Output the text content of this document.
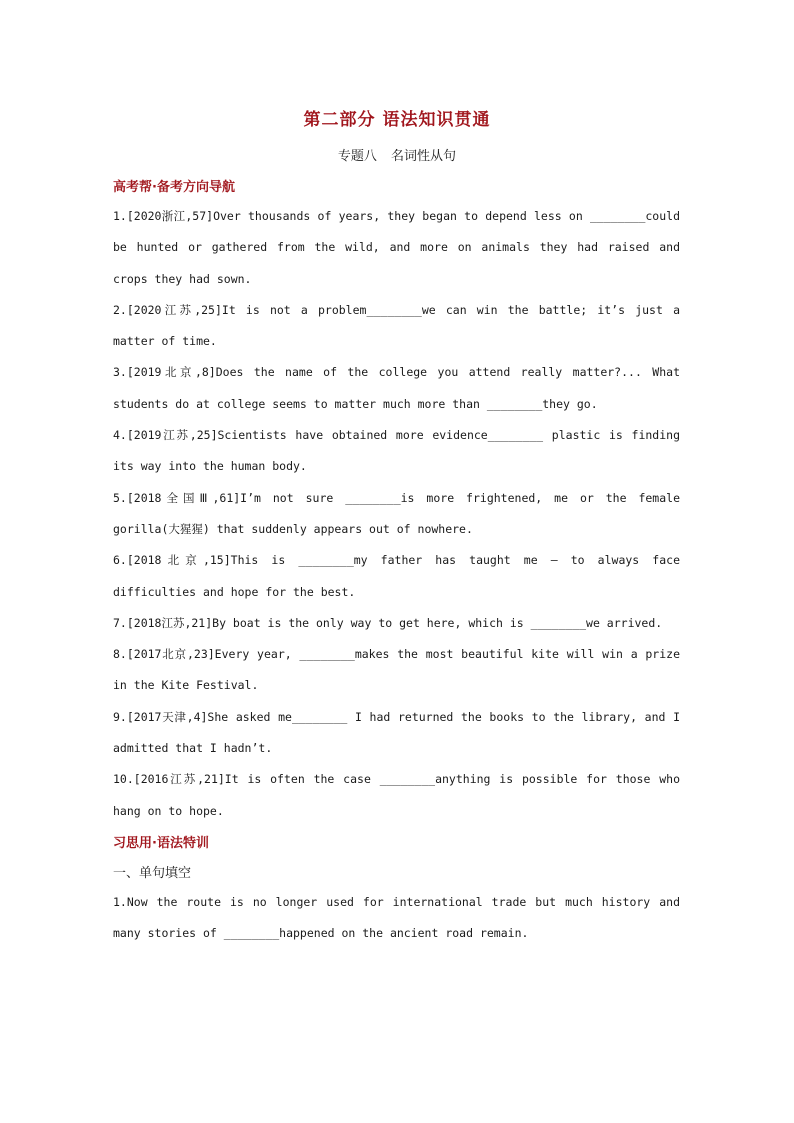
第二部分 语法知识贯通
专题八 名词性从句
高考帮·备考方向导航

1.[2020浙江,57]Over thousands of years, they began to depend less on ________could be hunted or gathered from the wild, and more on animals they had raised and crops they had sown.

2.[2020江苏,25]It is not a problem________we can win the battle; it’s just a matter of time.

3.[2019北京,8]Does the name of the college you attend really matter?... What students do at college seems to matter much more than ________they go.

4.[2019江苏,25]Scientists have obtained more evidence________ plastic is finding its way into the human body.

5.[2018全国Ⅲ,61]I’m not sure ________is more frightened, me or the female gorilla(大猩猩) that suddenly appears out of nowhere.

6.[2018北京,15]This is ________my father has taught me — to always face difficulties and hope for the best.

7.[2018江苏,21]By boat is the only way to get here, which is ________we arrived.

8.[2017北京,23]Every year, ________makes the most beautiful kite will win a prize in the Kite Festival.

9.[2017天津,4]She asked me________ I had returned the books to the library, and I admitted that I hadn’t.

10.[2016江苏,21]It is often the case ________anything is possible for those who hang on to hope.

习思用·语法特训
一、单句填空

1.Now the route is no longer used for international trade but much history and many stories of ________happened on the ancient road remain.
